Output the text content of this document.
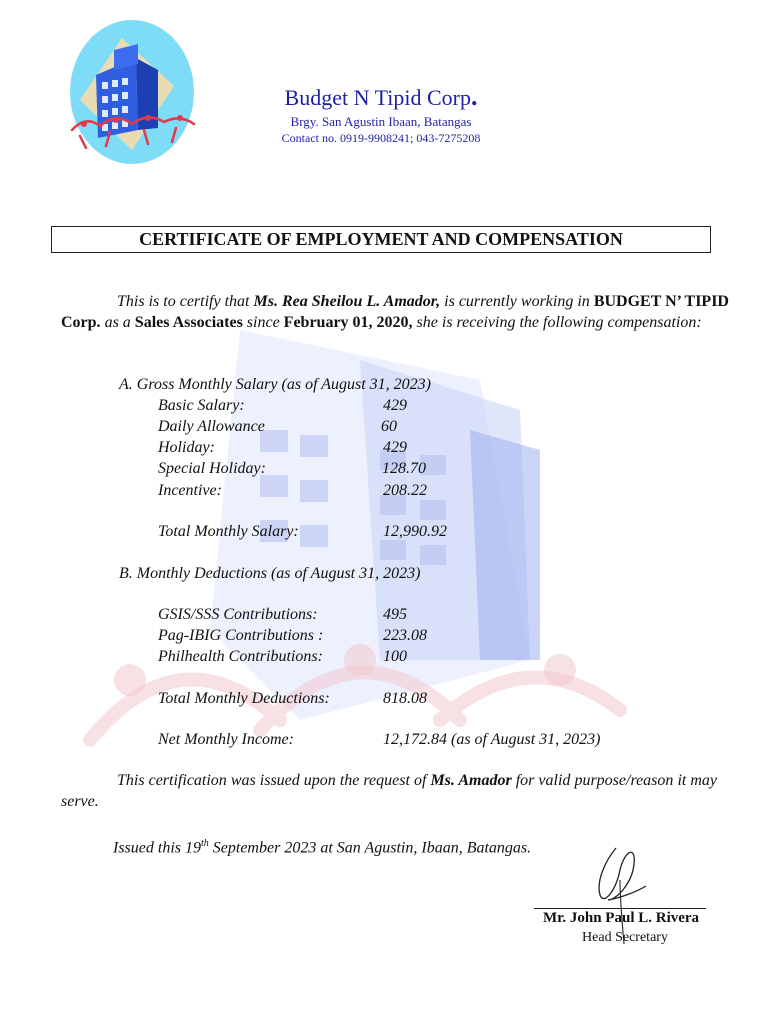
Budget N Tipid Corp.
Brgy. San Agustin Ibaan, Batangas
Contact no. 0919-9908241; 043-7275208
CERTIFICATE OF EMPLOYMENT AND COMPENSATION
This is to certify that Ms. Rea Sheilou L. Amador, is currently working in BUDGET N’ TIPID Corp. as a Sales Associates since February 01, 2020, she is receiving the following compensation:
A. Gross Monthly Salary (as of August 31, 2023)
Basic Salary:	429
Daily Allowance	60
Holiday:	429
Special Holiday:	128.70
Incentive:	208.22
Total Monthly Salary:	12,990.92
B. Monthly Deductions (as of August 31, 2023)
GSIS/SSS Contributions:	495
Pag-IBIG Contributions :	223.08
Philhealth Contributions:	100
Total Monthly Deductions:	818.08
Net Monthly Income:	12,172.84 (as of August 31, 2023)
This certification was issued upon the request of Ms. Amador for valid purpose/reason it may serve.
Issued this 19th September 2023 at San Agustin, Ibaan, Batangas.
Mr. John Paul L. Rivera
Head Secretary
